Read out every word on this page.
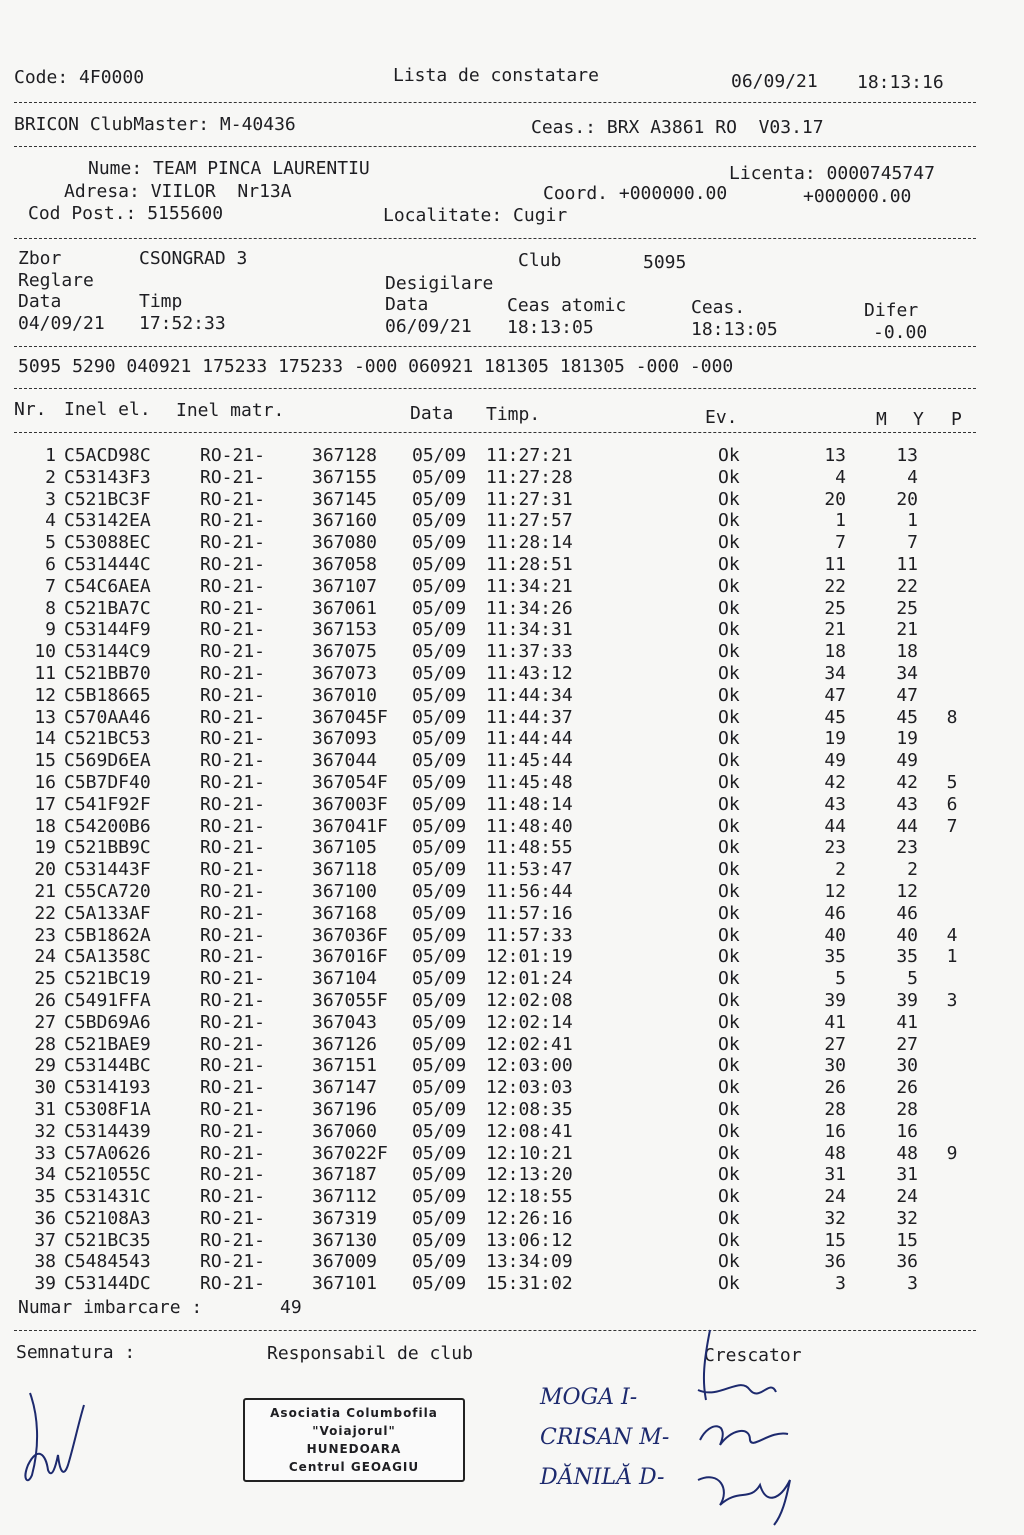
Code: 4F0000	Lista de constatare	06/09/21 18:13:16
BRICON ClubMaster: M-40436	Ceas.: BRX A3861 RO  V03.17
Nume: TEAM PINCA LAURENTIU	Licenta: 0000745747
Adresa: VIILOR  Nr13A	Coord. +000000.00	+000000.00
Cod Post.: 5155600	Localitate: Cugir
Zbor	CSONGRAD 3	Club	5095
Reglare	Desigilare
Data	Timp	Data	Ceas atomic	Ceas.	Difer
04/09/21 17:52:33	06/09/21 18:13:05	18:13:05	-0.00
5095 5290 040921 175233 175233 -000 060921 181305 181305 -000 -000
Nr. Inel el. Inel matr.	Data Timp.	Ev.	M Y P
1 C5ACD98C	RO-21-	367128 05/09 11:27:21	Ok	13	13
2 C53143F3	RO-21-	367155 05/09 11:27:28	Ok	4	4
3 C521BC3F	RO-21-	367145 05/09 11:27:31	Ok	20	20
4 C53142EA	RO-21-	367160 05/09 11:27:57	Ok	1	1
5 C53088EC	RO-21-	367080 05/09 11:28:14	Ok	7	7
6 C531444C	RO-21-	367058 05/09 11:28:51	Ok	11	11
7 C54C6AEA	RO-21-	367107 05/09 11:34:21	Ok	22	22
8 C521BA7C	RO-21-	367061 05/09 11:34:26	Ok	25	25
9 C53144F9	RO-21-	367153 05/09 11:34:31	Ok	21	21
10 C53144C9	RO-21-	367075 05/09 11:37:33	Ok	18	18
11 C521BB70	RO-21-	367073 05/09 11:43:12	Ok	34	34
12 C5B18665	RO-21-	367010 05/09 11:44:34	Ok	47	47
13 C570AA46	RO-21-	367045F 05/09 11:44:37	Ok	45	45	8
14 C521BC53	RO-21-	367093 05/09 11:44:44	Ok	19	19
15 C569D6EA	RO-21-	367044 05/09 11:45:44	Ok	49	49
16 C5B7DF40	RO-21-	367054F 05/09 11:45:48	Ok	42	42	5
17 C541F92F	RO-21-	367003F 05/09 11:48:14	Ok	43	43	6
18 C54200B6	RO-21-	367041F 05/09 11:48:40	Ok	44	44	7
19 C521BB9C	RO-21-	367105 05/09 11:48:55	Ok	23	23
20 C531443F	RO-21-	367118 05/09 11:53:47	Ok	2	2
21 C55CA720	RO-21-	367100 05/09 11:56:44	Ok	12	12
22 C5A133AF	RO-21-	367168 05/09 11:57:16	Ok	46	46
23 C5B1862A	RO-21-	367036F 05/09 11:57:33	Ok	40	40	4
24 C5A1358C	RO-21-	367016F 05/09 12:01:19	Ok	35	35	1
25 C521BC19	RO-21-	367104 05/09 12:01:24	Ok	5	5
26 C5491FFA	RO-21-	367055F 05/09 12:02:08	Ok	39	39	3
27 C5BD69A6	RO-21-	367043 05/09 12:02:14	Ok	41	41
28 C521BAE9	RO-21-	367126 05/09 12:02:41	Ok	27	27
29 C53144BC	RO-21-	367151 05/09 12:03:00	Ok	30	30
30 C5314193	RO-21-	367147 05/09 12:03:03	Ok	26	26
31 C5308F1A	RO-21-	367196 05/09 12:08:35	Ok	28	28
32 C5314439	RO-21-	367060 05/09 12:08:41	Ok	16	16
33 C57A0626	RO-21-	367022F 05/09 12:10:21	Ok	48	48	9
34 C521055C	RO-21-	367187 05/09 12:13:20	Ok	31	31
35 C531431C	RO-21-	367112 05/09 12:18:55	Ok	24	24
36 C52108A3	RO-21-	367319 05/09 12:26:16	Ok	32	32
37 C521BC35	RO-21-	367130 05/09 13:06:12	Ok	15	15
38 C5484543	RO-21-	367009 05/09 13:34:09	Ok	36	36
39 C53144DC	RO-21-	367101 05/09 15:31:02	Ok	3	3
Numar imbarcare :	49
Semnatura :	Responsabil de club	Crescator
Asociatia Columbofila
"Voiajorul"
HUNEDOARA
Centrul GEOAGIU
MOGA I-
CRISAN M-
DĂNILĂ D-
